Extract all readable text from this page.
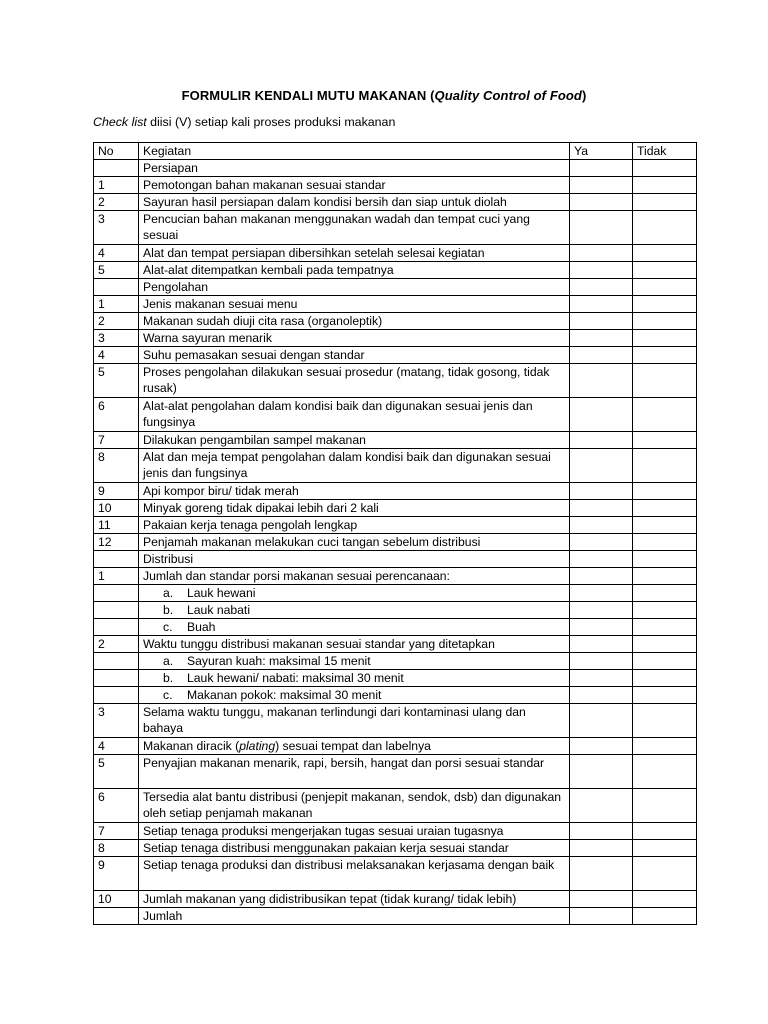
FORMULIR KENDALI MUTU MAKANAN (Quality Control of Food)
Check list diisi (V) setiap kali proses produksi makanan
No	Kegiatan	Ya	Tidak
	Persiapan		
1	Pemotongan bahan makanan sesuai standar		
2	Sayuran hasil persiapan dalam kondisi bersih dan siap untuk diolah		
3	Pencucian bahan makanan menggunakan wadah dan tempat cuci yang sesuai		
4	Alat dan tempat persiapan dibersihkan setelah selesai kegiatan		
5	Alat-alat ditempatkan kembali pada tempatnya		
	Pengolahan		
1	Jenis makanan sesuai menu		
2	Makanan sudah diuji cita rasa (organoleptik)		
3	Warna sayuran menarik		
4	Suhu pemasakan sesuai dengan standar		
5	Proses pengolahan dilakukan sesuai prosedur (matang, tidak gosong, tidak rusak)		
6	Alat-alat pengolahan dalam kondisi baik dan digunakan sesuai jenis dan fungsinya		
7	Dilakukan pengambilan sampel makanan		
8	Alat dan meja tempat pengolahan dalam kondisi baik dan digunakan sesuai jenis dan fungsinya		
9	Api kompor biru/ tidak merah		
10	Minyak goreng tidak dipakai lebih dari 2 kali		
11	Pakaian kerja tenaga pengolah lengkap		
12	Penjamah makanan melakukan cuci tangan sebelum distribusi		
	Distribusi		
1	Jumlah dan standar porsi makanan sesuai perencanaan:		
	a. Lauk hewani		
	b. Lauk nabati		
	c. Buah		
2	Waktu tunggu distribusi makanan sesuai standar yang ditetapkan		
	a. Sayuran kuah: maksimal 15 menit		
	b. Lauk hewani/ nabati: maksimal 30 menit		
	c. Makanan pokok: maksimal 30 menit		
3	Selama waktu tunggu, makanan terlindungi dari kontaminasi ulang dan bahaya		
4	Makanan diracik (plating) sesuai tempat dan labelnya		
5	Penyajian makanan menarik, rapi, bersih, hangat dan porsi sesuai standar		
6	Tersedia alat bantu distribusi (penjepit makanan, sendok, dsb) dan digunakan oleh setiap penjamah makanan		
7	Setiap tenaga produksi mengerjakan tugas sesuai uraian tugasnya		
8	Setiap tenaga distribusi menggunakan pakaian kerja sesuai standar		
9	Setiap tenaga produksi dan distribusi melaksanakan kerjasama dengan baik		
10	Jumlah makanan yang didistribusikan tepat (tidak kurang/ tidak lebih)		
	Jumlah		
